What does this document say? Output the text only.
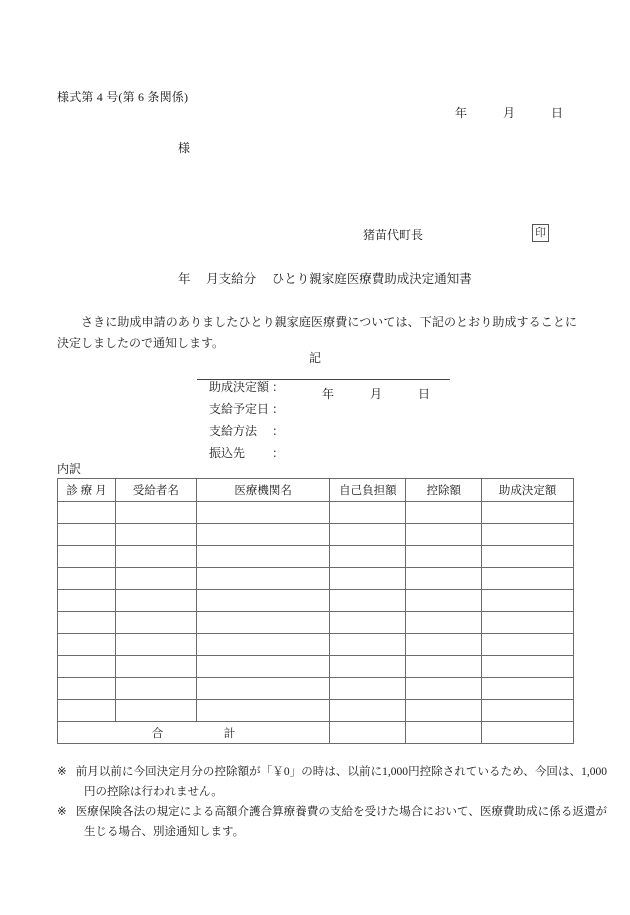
様式第 4 号(第 6 条関係)
年　　　月　　　日
様
猪苗代町長	印
年　 月支給分　 ひとり親家庭医療費助成決定通知書
さきに助成申請のありましたひとり親家庭医療費については、下記のとおり助成することに決定しましたので通知します。
記

助成決定額 ：

支給予定日 ：

年　　　月　　　日

支給方法　 ：

振込先　　 ：

内訳
診 療 月	受給者名	医療機関名	自己負担額	控除額	助成決定額

合　　　　　計					
※ 前月以前に今回決定月分の控除額が「￥0」の時は、以前に1,000円控除されているため、今回は、1,000円の控除は行われません。
※ 医療保険各法の規定による高額介護合算療養費の支給を受けた場合において、医療費助成に係る返還が生じる場合、別途通知します。
